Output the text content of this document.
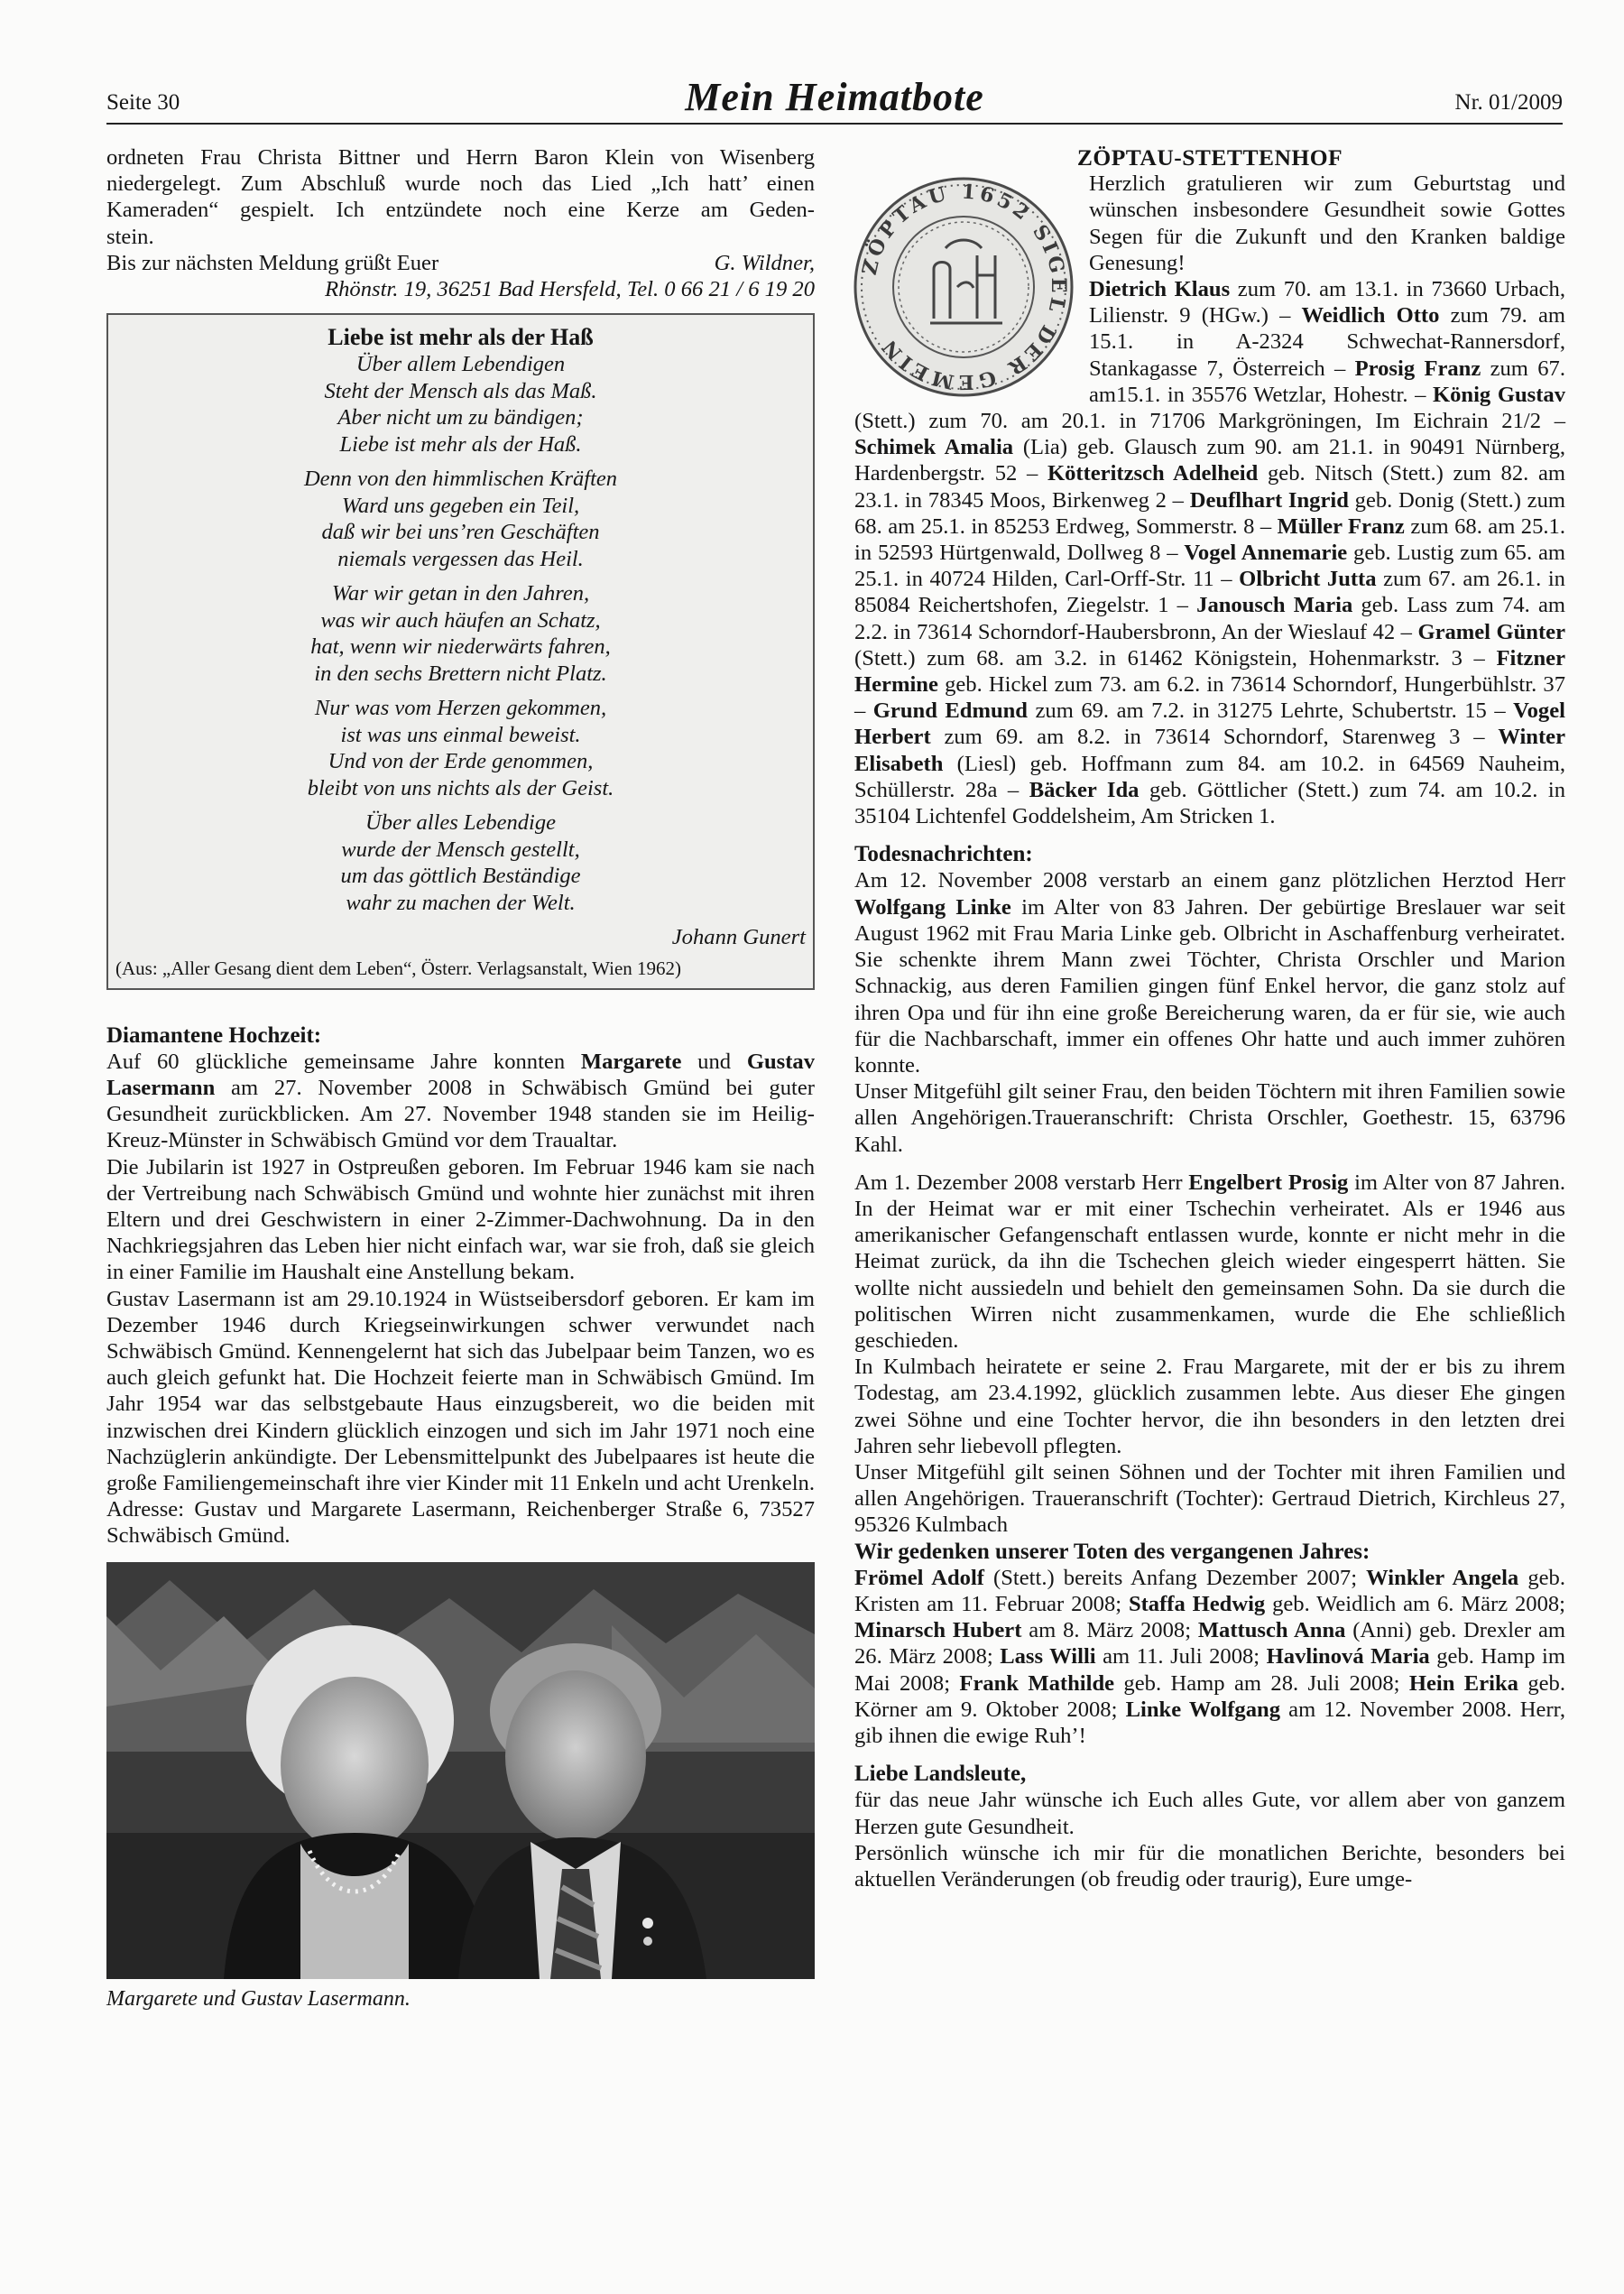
Seite 30	Mein Heimatbote	Nr. 01/2009

ordneten Frau Christa Bittner und Herrn Baron Klein von Wisenberg

niedergelegt. Zum Abschluß wurde noch das Lied „Ich hatt’ einen

Kameraden“ gespielt. Ich entzündete noch eine Kerze am Geden-

stein.

Bis zur nächsten Meldung grüßt Euer	G. Wildner,
Rhönstr. 19, 36251 Bad Hersfeld, Tel. 0 66 21 / 6 19 20
Liebe ist mehr als der Haß
Über allem Lebendigen
Steht der Mensch als das Maß.
Aber nicht um zu bändigen;
Liebe ist mehr als der Haß.
Denn von den himmlischen Kräften
Ward uns gegeben ein Teil,
daß wir bei uns’ren Geschäften
niemals vergessen das Heil.
War wir getan in den Jahren,
was wir auch häufen an Schatz,
hat, wenn wir niederwärts fahren,
in den sechs Brettern nicht Platz.
Nur was vom Herzen gekommen,
ist was uns einmal beweist.
Und von der Erde genommen,
bleibt von uns nichts als der Geist.
Über alles Lebendige
wurde der Mensch gestellt,
um das göttlich Beständige
wahr zu machen der Welt.
Johann Gunert
(Aus: „Aller Gesang dient dem Leben“, Österr. Verlagsanstalt, Wien 1962)
Diamantene Hochzeit:

Auf 60 glückliche gemeinsame Jahre konnten Margarete und Gustav Lasermann am 27. November 2008 in Schwäbisch Gmünd bei guter Gesundheit zurückblicken. Am 27. November 1948 standen sie im Heilig-Kreuz-Münster in Schwäbisch Gmünd vor dem Traualtar.

Die Jubilarin ist 1927 in Ostpreußen geboren. Im Februar 1946 kam sie nach der Vertreibung nach Schwäbisch Gmünd und wohnte hier zunächst mit ihren Eltern und drei Geschwistern in einer 2-Zimmer-Dachwohnung. Da in den Nachkriegsjahren das Leben hier nicht einfach war, war sie froh, daß sie gleich in einer Familie im Haushalt eine Anstellung bekam.

Gustav Lasermann ist am 29.10.1924 in Wüstseibersdorf geboren. Er kam im Dezember 1946 durch Kriegseinwirkungen schwer verwundet nach Schwäbisch Gmünd. Kennengelernt hat sich das Jubelpaar beim Tanzen, wo es auch gleich gefunkt hat. Die Hochzeit feierte man in Schwäbisch Gmünd. Im Jahr 1954 war das selbstgebaute Haus einzugsbereit, wo die beiden mit inzwischen drei Kindern glücklich einzogen und sich im Jahr 1971 noch eine Nachzüglerin ankündigte. Der Lebensmittelpunkt des Jubelpaares ist heute die große Familiengemeinschaft ihre vier Kinder mit 11 Enkeln und acht Urenkeln. Adresse: Gustav und Margarete Lasermann, Reichenberger Straße 6, 73527 Schwäbisch Gmünd.

Margarete und Gustav Lasermann.
ZÖPTAU-STETTENHOF
ZÖPTAU 1652 SIGEL DER GEMEIN

Herzlich gratulieren wir zum Geburtstag und wünschen insbesondere Gesundheit sowie Gottes Segen für die Zukunft und den Kranken baldige Genesung!

Dietrich Klaus zum 70. am 13.1. in 73660 Urbach, Lilienstr. 9 (HGw.) – Weidlich Otto zum 79. am 15.1. in A-2324 Schwechat-Rannersdorf, Stankagasse 7, Österreich – Prosig Franz zum 67. am15.1. in 35576 Wetzlar, Hohestr. – König Gustav (Stett.) zum 70. am 20.1. in 71706 Markgröningen, Im Eichrain 21/2 – Schimek Amalia (Lia) geb. Glausch zum 90. am 21.1. in 90491 Nürnberg, Hardenbergstr. 52 – Kötteritzsch Adelheid geb. Nitsch (Stett.) zum 82. am 23.1. in 78345 Moos, Birkenweg 2 – Deuflhart Ingrid geb. Donig (Stett.) zum 68. am 25.1. in 85253 Erdweg, Sommerstr. 8 – Müller Franz zum 68. am 25.1. in 52593 Hürtgenwald, Dollweg 8 – Vogel Annemarie geb. Lustig zum 65. am 25.1. in 40724 Hilden, Carl-Orff-Str. 11 – Olbricht Jutta zum 67. am 26.1. in 85084 Reichertshofen, Ziegelstr. 1 – Janousch Maria geb. Lass zum 74. am 2.2. in 73614 Schorndorf-Haubersbronn, An der Wieslauf 42 – Gramel Günter (Stett.) zum 68. am 3.2. in 61462 Königstein, Hohenmarkstr. 3 – Fitzner Hermine geb. Hickel zum 73. am 6.2. in 73614 Schorndorf, Hungerbühlstr. 37 – Grund Edmund zum 69. am 7.2. in 31275 Lehrte, Schubertstr. 15 – Vogel Herbert zum 69. am 8.2. in 73614 Schorndorf, Starenweg 3 – Winter Elisabeth (Liesl) geb. Hoffmann zum 84. am 10.2. in 64569 Nauheim, Schüllerstr. 28a – Bäcker Ida geb. Göttlicher (Stett.) zum 74. am 10.2. in 35104 Lichtenfel Goddelsheim, Am Stricken 1.

Todesnachrichten:

Am 12. November 2008 verstarb an einem ganz plötzlichen Herztod Herr Wolfgang Linke im Alter von 83 Jahren. Der gebürtige Breslauer war seit August 1962 mit Frau Maria Linke geb. Olbricht in Aschaffenburg verheiratet. Sie schenkte ihrem Mann zwei Töchter, Christa Orschler und Marion Schnackig, aus deren Familien gingen fünf Enkel hervor, die ganz stolz auf ihren Opa und für ihn eine große Bereicherung waren, da er für sie, wie auch für die Nachbarschaft, immer ein offenes Ohr hatte und auch immer zuhören konnte.

Unser Mitgefühl gilt seiner Frau, den beiden Töchtern mit ihren Familien sowie allen Angehörigen.Traueranschrift: Christa Orschler, Goethestr. 15, 63796 Kahl.

Am 1. Dezember 2008 verstarb Herr Engelbert Prosig im Alter von 87 Jahren. In der Heimat war er mit einer Tschechin verheiratet. Als er 1946 aus amerikanischer Gefangenschaft entlassen wurde, konnte er nicht mehr in die Heimat zurück, da ihn die Tschechen gleich wieder eingesperrt hätten. Sie wollte nicht aussiedeln und behielt den gemeinsamen Sohn. Da sie durch die politischen Wirren nicht zusammenkamen, wurde die Ehe schließlich geschieden.

In Kulmbach heiratete er seine 2. Frau Margarete, mit der er bis zu ihrem Todestag, am 23.4.1992, glücklich zusammen lebte. Aus dieser Ehe gingen zwei Söhne und eine Tochter hervor, die ihn besonders in den letzten drei Jahren sehr liebevoll pflegten.

Unser Mitgefühl gilt seinen Söhnen und der Tochter mit ihren Familien und allen Angehörigen. Traueranschrift (Tochter): Gertraud Dietrich, Kirchleus 27, 95326 Kulmbach

Wir gedenken unserer Toten des vergangenen Jahres:

Frömel Adolf (Stett.) bereits Anfang Dezember 2007; Winkler Angela geb. Kristen am 11. Februar 2008; Staffa Hedwig geb. Weidlich am 6. März 2008; Minarsch Hubert am 8. März 2008; Mattusch Anna (Anni) geb. Drexler am 26. März 2008; Lass Willi am 11. Juli 2008; Havlinová Maria geb. Hamp im Mai 2008; Frank Mathilde geb. Hamp am 28. Juli 2008; Hein Erika geb. Körner am 9. Oktober 2008; Linke Wolfgang am 12. November 2008. Herr, gib ihnen die ewige Ruh’!

Liebe Landsleute,

für das neue Jahr wünsche ich Euch alles Gute, vor allem aber von ganzem Herzen gute Gesundheit.

Persönlich wünsche ich mir für die monatlichen Berichte, besonders bei aktuellen Veränderungen (ob freudig oder traurig), Eure umge-
